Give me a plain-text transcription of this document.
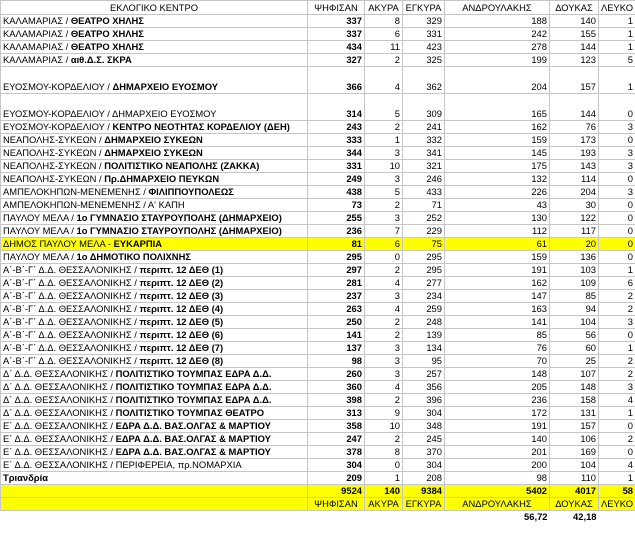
ΕΚΛΟΓΙΚΟ ΚΕΝΤΡΟ	ΨΗΦΙΣΑΝ	ΑΚΥΡΑ	ΕΓΚΥΡΑ	ΑΝΔΡΟΥΛΑΚΗΣ	ΔΟΥΚΑΣ	ΛΕΥΚΟ
ΚΑΛΑΜΑΡΙΑΣ / ΘΕΑΤΡΟ ΧΗΛΗΣ	337	8	329	188	140	1
ΚΑΛΑΜΑΡΙΑΣ / ΘΕΑΤΡΟ ΧΗΛΗΣ	337	6	331	242	155	1
ΚΑΛΑΜΑΡΙΑΣ / ΘΕΑΤΡΟ ΧΗΛΗΣ	434	11	423	278	144	1
ΚΑΛΑΜΑΡΙΑΣ / αιθ.Δ.Σ. ΣΚΡΑ	327	2	325	199	123	5
ΕΥΟΣΜΟΥ-ΚΟΡΔΕΛΙΟΥ / ΔΗΜΑΡΧΕΙΟ ΕΥΟΣΜΟΥ	366	4	362	204	157	1
ΕΥΟΣΜΟΥ-ΚΟΡΔΕΛΙΟΥ / ΔΗΜΑΡΧΕΙΟ ΕΥΟΣΜΟΥ	314	5	309	165	144	0
ΕΥΟΣΜΟΥ-ΚΟΡΔΕΛΙΟΥ / ΚΕΝΤΡΟ ΝΕΟΤΗΤΑΣ ΚΟΡΔΕΛΙΟΥ (ΔΕΗ)	243	2	241	162	76	3
ΝΕΑΠΟΛΗΣ-ΣΥΚΕΩΝ / ΔΗΜΑΡΧΕΙΟ ΣΥΚΕΩΝ	333	1	332	159	173	0
ΝΕΑΠΟΛΗΣ-ΣΥΚΕΩΝ / ΔΗΜΑΡΧΕΙΟ ΣΥΚΕΩΝ	344	3	341	145	193	3
ΝΕΑΠΟΛΗΣ-ΣΥΚΕΩΝ / ΠΟΛΙΤΙΣΤΙΚΟ ΝΕΑΠΟΛΗΣ (ΖΑΚΚΑ)	331	10	321	175	143	3
ΝΕΑΠΟΛΗΣ-ΣΥΚΕΩΝ / Πρ.ΔΗΜΑΡΧΕΙΟ ΠΕΥΚΩΝ	249	3	246	132	114	0
ΑΜΠΕΛΟΚΗΠΩΝ-ΜΕΝΕΜΕΝΗΣ / ΦΙΛΙΠΠΟΥΠΟΛΕΩΣ	438	5	433	226	204	3
ΑΜΠΕΛΟΚΗΠΩΝ-ΜΕΝΕΜΕΝΗΣ / Α' ΚΑΠΗ	73	2	71	43	30	0
ΠΑΥΛΟΥ ΜΕΛΑ / 1ο ΓΥΜΝΑΣΙΟ ΣΤΑΥΡΟΥΠΟΛΗΣ (ΔΗΜΑΡΧΕΙΟ)	255	3	252	130	122	0
ΠΑΥΛΟΥ ΜΕΛΑ / 1ο ΓΥΜΝΑΣΙΟ ΣΤΑΥΡΟΥΠΟΛΗΣ (ΔΗΜΑΡΧΕΙΟ)	236	7	229	112	117	0
ΔΗΜΟΣ ΠΑΥΛΟΥ ΜΕΛΑ - ΕΥΚΑΡΠΙΑ	81	6	75	61	20	0
ΠΑΥΛΟΥ ΜΕΛΑ / 1ο ΔΗΜΟΤΙΚΟ ΠΟΛΙΧΝΗΣ	295	0	295	159	136	0
Α΄-Β΄-Γ΄ Δ.Δ. ΘΕΣΣΑΛΟΝΙΚΗΣ / περιπτ. 12 ΔΕΘ (1)	297	2	295	191	103	1
Α΄-Β΄-Γ΄ Δ.Δ. ΘΕΣΣΑΛΟΝΙΚΗΣ / περιπτ. 12 ΔΕΘ (2)	281	4	277	162	109	6
Α΄-Β΄-Γ΄ Δ.Δ. ΘΕΣΣΑΛΟΝΙΚΗΣ / περιπτ. 12 ΔΕΘ (3)	237	3	234	147	85	2
Α΄-Β΄-Γ΄ Δ.Δ. ΘΕΣΣΑΛΟΝΙΚΗΣ / περιπτ. 12 ΔΕΘ (4)	263	4	259	163	94	2
Α΄-Β΄-Γ΄ Δ.Δ. ΘΕΣΣΑΛΟΝΙΚΗΣ / περιπτ. 12 ΔΕΘ (5)	250	2	248	141	104	3
Α΄-Β΄-Γ΄ Δ.Δ. ΘΕΣΣΑΛΟΝΙΚΗΣ / περιπτ. 12 ΔΕΘ (6)	141	2	139	85	56	0
Α΄-Β΄-Γ΄ Δ.Δ. ΘΕΣΣΑΛΟΝΙΚΗΣ / περιπτ. 12 ΔΕΘ (7)	137	3	134	76	60	1
Α΄-Β΄-Γ΄ Δ.Δ. ΘΕΣΣΑΛΟΝΙΚΗΣ / περιπτ. 12 ΔΕΘ (8)	98	3	95	70	25	2
Δ΄ Δ.Δ. ΘΕΣΣΑΛΟΝΙΚΗΣ / ΠΟΛΙΤΙΣΤΙΚΟ ΤΟΥΜΠΑΣ ΕΔΡΑ Δ.Δ.	260	3	257	148	107	2
Δ΄ Δ.Δ. ΘΕΣΣΑΛΟΝΙΚΗΣ / ΠΟΛΙΤΙΣΤΙΚΟ ΤΟΥΜΠΑΣ ΕΔΡΑ Δ.Δ.	360	4	356	205	148	3
Δ΄ Δ.Δ. ΘΕΣΣΑΛΟΝΙΚΗΣ / ΠΟΛΙΤΙΣΤΙΚΟ ΤΟΥΜΠΑΣ ΕΔΡΑ Δ.Δ.	398	2	396	236	158	4
Δ΄ Δ.Δ. ΘΕΣΣΑΛΟΝΙΚΗΣ / ΠΟΛΙΤΙΣΤΙΚΟ ΤΟΥΜΠΑΣ ΘΕΑΤΡΟ	313	9	304	172	131	1
Ε΄ Δ.Δ. ΘΕΣΣΑΛΟΝΙΚΗΣ / ΕΔΡΑ Δ.Δ. ΒΑΣ.ΟΛΓΑΣ & ΜΑΡΤΙΟΥ	358	10	348	191	157	0
Ε΄ Δ.Δ. ΘΕΣΣΑΛΟΝΙΚΗΣ / ΕΔΡΑ Δ.Δ. ΒΑΣ.ΟΛΓΑΣ & ΜΑΡΤΙΟΥ	247	2	245	140	106	2
Ε΄ Δ.Δ. ΘΕΣΣΑΛΟΝΙΚΗΣ / ΕΔΡΑ Δ.Δ. ΒΑΣ.ΟΛΓΑΣ & ΜΑΡΤΙΟΥ	378	8	370	201	169	0
Ε΄ Δ.Δ. ΘΕΣΣΑΛΟΝΙΚΗΣ / ΠΕΡΙΦΕΡΕΙΑ, πρ.ΝΟΜΑΡΧΙΑ	304	0	304	200	104	4
Τριανδρία	209	1	208	98	110	1
	9524	140	9384	5402	4017	58
	ΨΗΦΙΣΑΝ	ΑΚΥΡΑ	ΕΓΚΥΡΑ	ΑΝΔΡΟΥΛΑΚΗΣ	ΔΟΥΚΑΣ	ΛΕΥΚΟ
				56,72	42,18	
